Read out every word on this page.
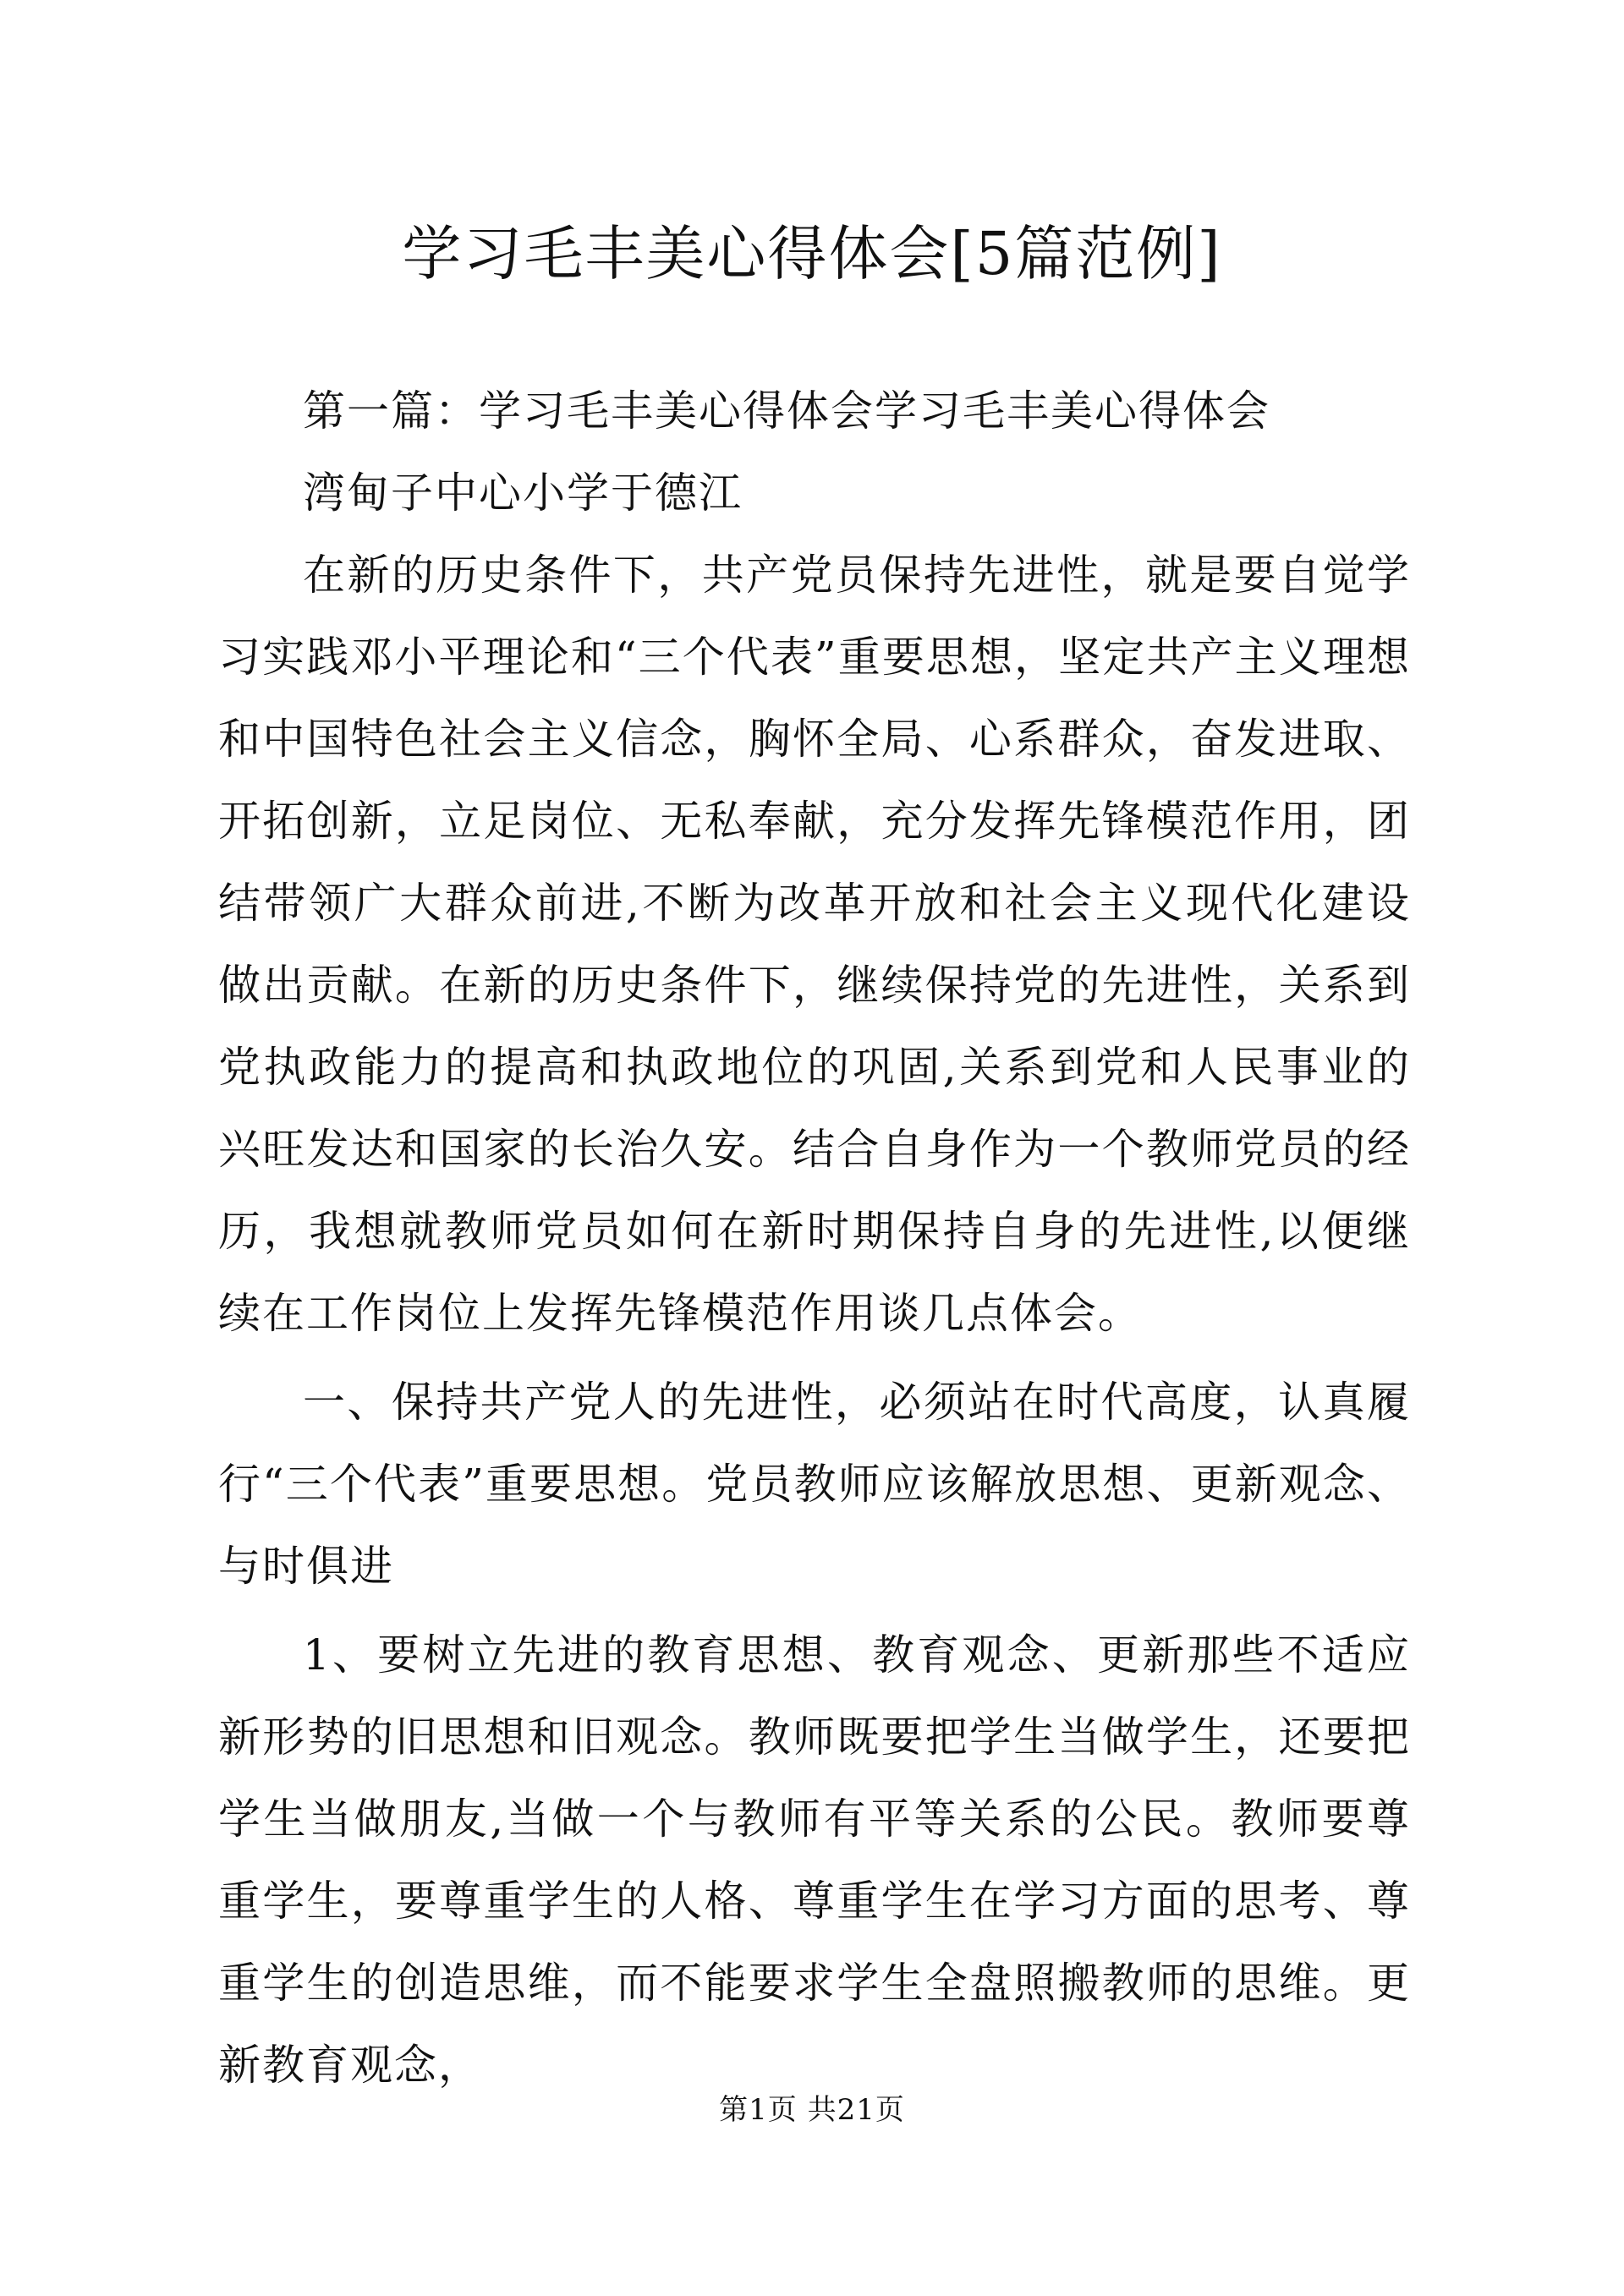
学习毛丰美心得体会[5篇范例]

第一篇：学习毛丰美心得体会学习毛丰美心得体会

湾甸子中心小学于德江

在新的历史条件下，共产党员保持先进性，就是要自觉学习实践邓小平理论和“三个代表”重要思想，坚定共产主义理想和中国特色社会主义信念，胸怀全局、心系群众，奋发进取、开拓创新，立足岗位、无私奉献，充分发挥先锋模范作用，团结带领广大群众前进,不断为改革开放和社会主义现代化建设做出贡献。在新的历史条件下，继续保持党的先进性，关系到党执政能力的提高和执政地位的巩固,关系到党和人民事业的兴旺发达和国家的长治久安。结合自身作为一个教师党员的经历，我想就教师党员如何在新时期保持自身的先进性,以便继续在工作岗位上发挥先锋模范作用谈几点体会。

一、保持共产党人的先进性，必须站在时代高度，认真履行“三个代表”重要思想。党员教师应该解放思想、更新观念、与时俱进

1、要树立先进的教育思想、教育观念、更新那些不适应新形势的旧思想和旧观念。教师既要把学生当做学生，还要把学生当做朋友,当做一个与教师有平等关系的公民。教师要尊重学生，要尊重学生的人格、尊重学生在学习方面的思考、尊重学生的创造思维，而不能要求学生全盘照搬教师的思维。更新教育观念，

第1页 共21页
